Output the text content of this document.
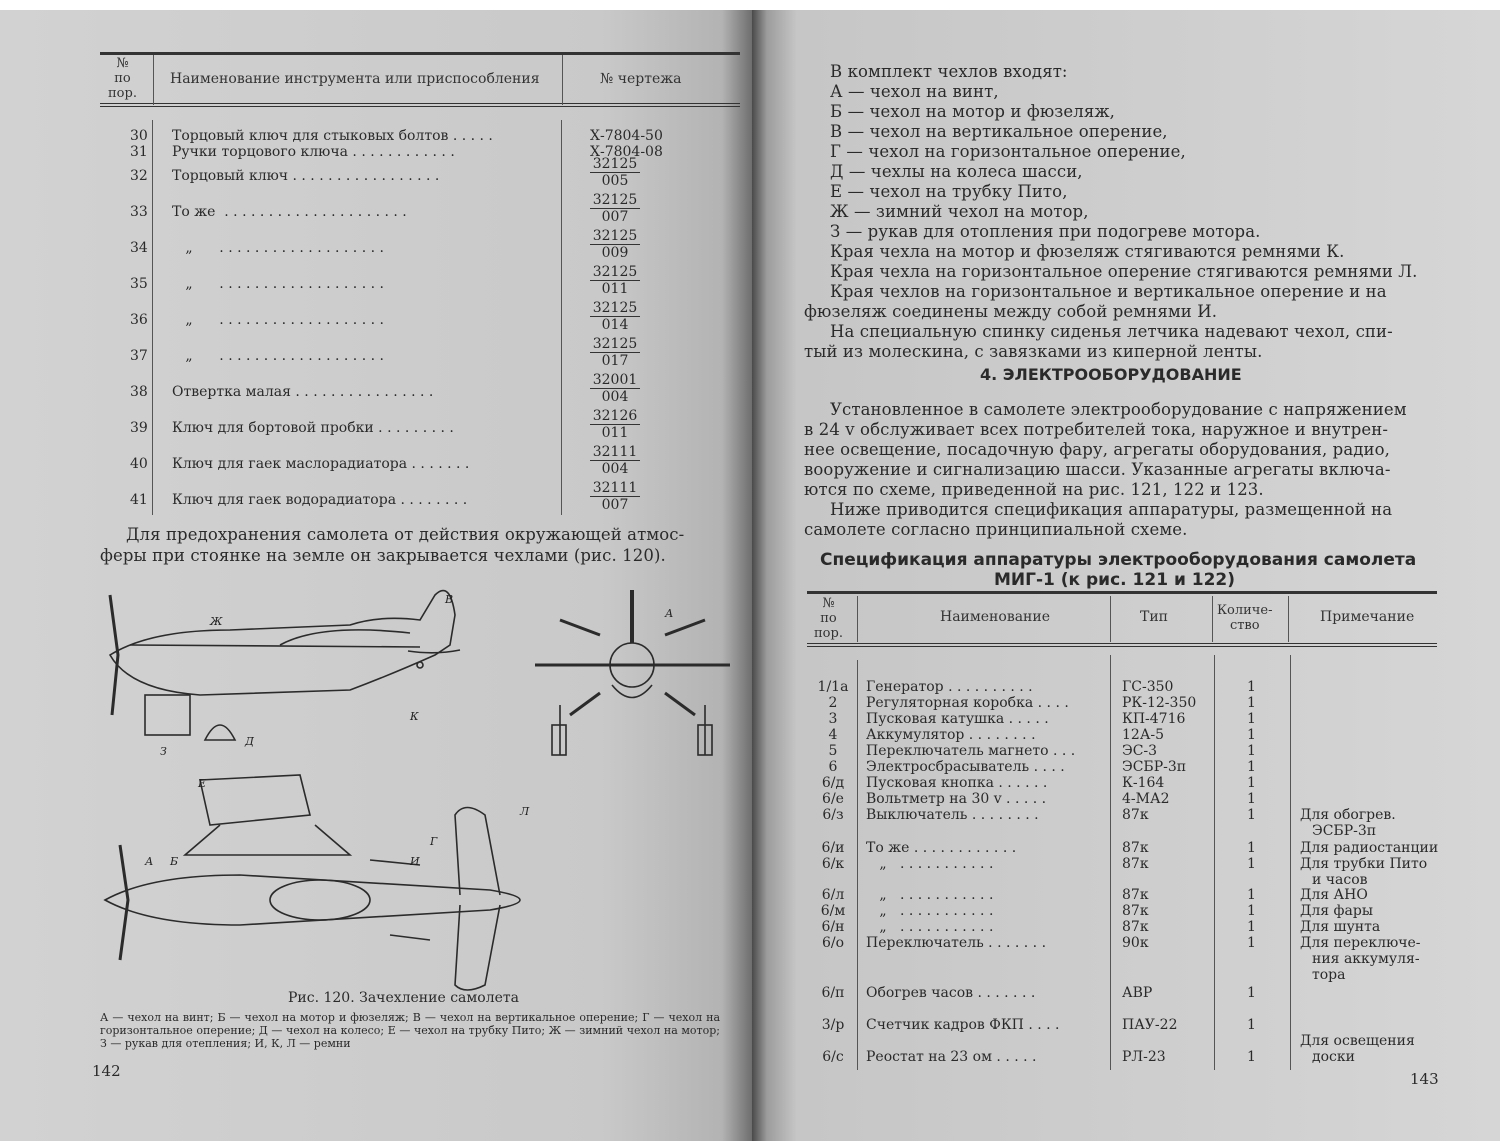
№
по
пор.
Наименование инструмента или приспособления	№ чертежа
30 Торцовый ключ для стыковых болтов . . . . .	Х-7804-50
31 Ручки торцового ключа . . . . . . . . . . . .	Х-7804-08
32 Торцовый ключ . . . . . . . . . . . . . . . . .	$\frac{32125}{005}$
33 То же  . . . . . . . . . . . . . . . . . . . . .	$\frac{32125}{007}$
34 „      . . . . . . . . . . . . . . . . . . .	$\frac{32125}{009}$
35 „      . . . . . . . . . . . . . . . . . . .	$\frac{32125}{011}$
36 „      . . . . . . . . . . . . . . . . . . .	$\frac{32125}{014}$
37 „      . . . . . . . . . . . . . . . . . . .	$\frac{32125}{017}$
38 Отвертка малая . . . . . . . . . . . . . . . .	$\frac{32001}{004}$
39 Ключ для бортовой пробки . . . . . . . . .	$\frac{32126}{011}$
40 Ключ для гаек маслорадиатора . . . . . . .	$\frac{32111}{004}$
41 Ключ для гаек водорадиатора . . . . . . . .	$\frac{32111}{007}$
Для предохранения самолета от действия окружающей атмос-
феры при стоянке на земле он закрывается чехлами (рис. 120).
В
Ж
З
Д
К
А
Е
А Б
Г
И
Л
Рис. 120. Зачехление самолета
А — чехол на винт; Б — чехол на мотор и фюзеляж; В — чехол на вертикальное оперение; Г — чехол на горизонтальное оперение; Д — чехол на колесо; Е — чехол на трубку Пито; Ж — зимний чехол на мотор; З — рукав для отепления; И, К, Л — ремни
142
В комплект чехлов входят:
А — чехол на винт,
Б — чехол на мотор и фюзеляж,
В — чехол на вертикальное оперение,
Г — чехол на горизонтальное оперение,
Д — чехлы на колеса шасси,
Е — чехол на трубку Пито,
Ж — зимний чехол на мотор,
З — рукав для отопления при подогреве мотора.
Края чехла на мотор и фюзеляж стягиваются ремнями К.
Края чехла на горизонтальное оперение стягиваются ремнями Л.
Края чехлов на горизонтальное и вертикальное оперение и на
фюзеляж соединены между собой ремнями И.
На специальную спинку сиденья летчика надевают чехол, спи-
тый из молескина, с завязками из киперной ленты.
Установленное в самолете электрооборудование с напряжением
в 24 v обслуживает всех потребителей тока, наружное и внутрен-
нее освещение, посадочную фару, агрегаты оборудования, радио,
вооружение и сигнализацию шасси. Указанные агрегаты включа-
ются по схеме, приведенной на рис. 121, 122 и 123.
Ниже приводится спецификация аппаратуры, размещенной на
самолете согласно принципиальной схеме.
4. ЭЛЕКТРООБОРУДОВАНИЕ
Спецификация аппаратуры электрооборудования самолета
МИГ-1 (к рис. 121 и 122)
№
по
пор.
Наименование	Тип	Количе-
ство
Примечание
1/1а Генератор . . . . . . . . . .	ГС-350	1
2	Регуляторная коробка . . . .	РК-12-350	1
3	Пусковая катушка . . . . .	КП-4716	1
4	Аккумулятор . . . . . . . .	12А-5	1
5	Переключатель магнето . . .	ЭС-3	1
6	Электросбрасыватель . . . .	ЭСБР-3п	1
6/д	Пусковая кнопка . . . . . .	К-164	1
6/е	Вольтметр на 30 v . . . . .	4-МА2	1
6/з	Выключатель . . . . . . . .	87к	1	Для обогрев.
ЭСБР-3п
6/и	То же . . . . . . . . . . . .	87к	1	Для радиостанции
6/к	„   . . . . . . . . . . .	87к	1	Для трубки Пито
и часов
6/л	„   . . . . . . . . . . .	87к	1	Для АНО
6/м	„   . . . . . . . . . . .	87к	1	Для фары
6/н	„   . . . . . . . . . . .	87к	1	Для шунта
6/о	Переключатель . . . . . . .	90к	1	Для переключе-
ния аккумуля-
тора
6/п	Обогрев часов . . . . . . .	АВР	1
3/р	Счетчик кадров ФКП . . . .	ПАУ-22	1
6/с	Реостат на 23 ом . . . . .	РЛ-23	1
Для освещения
доски
143
